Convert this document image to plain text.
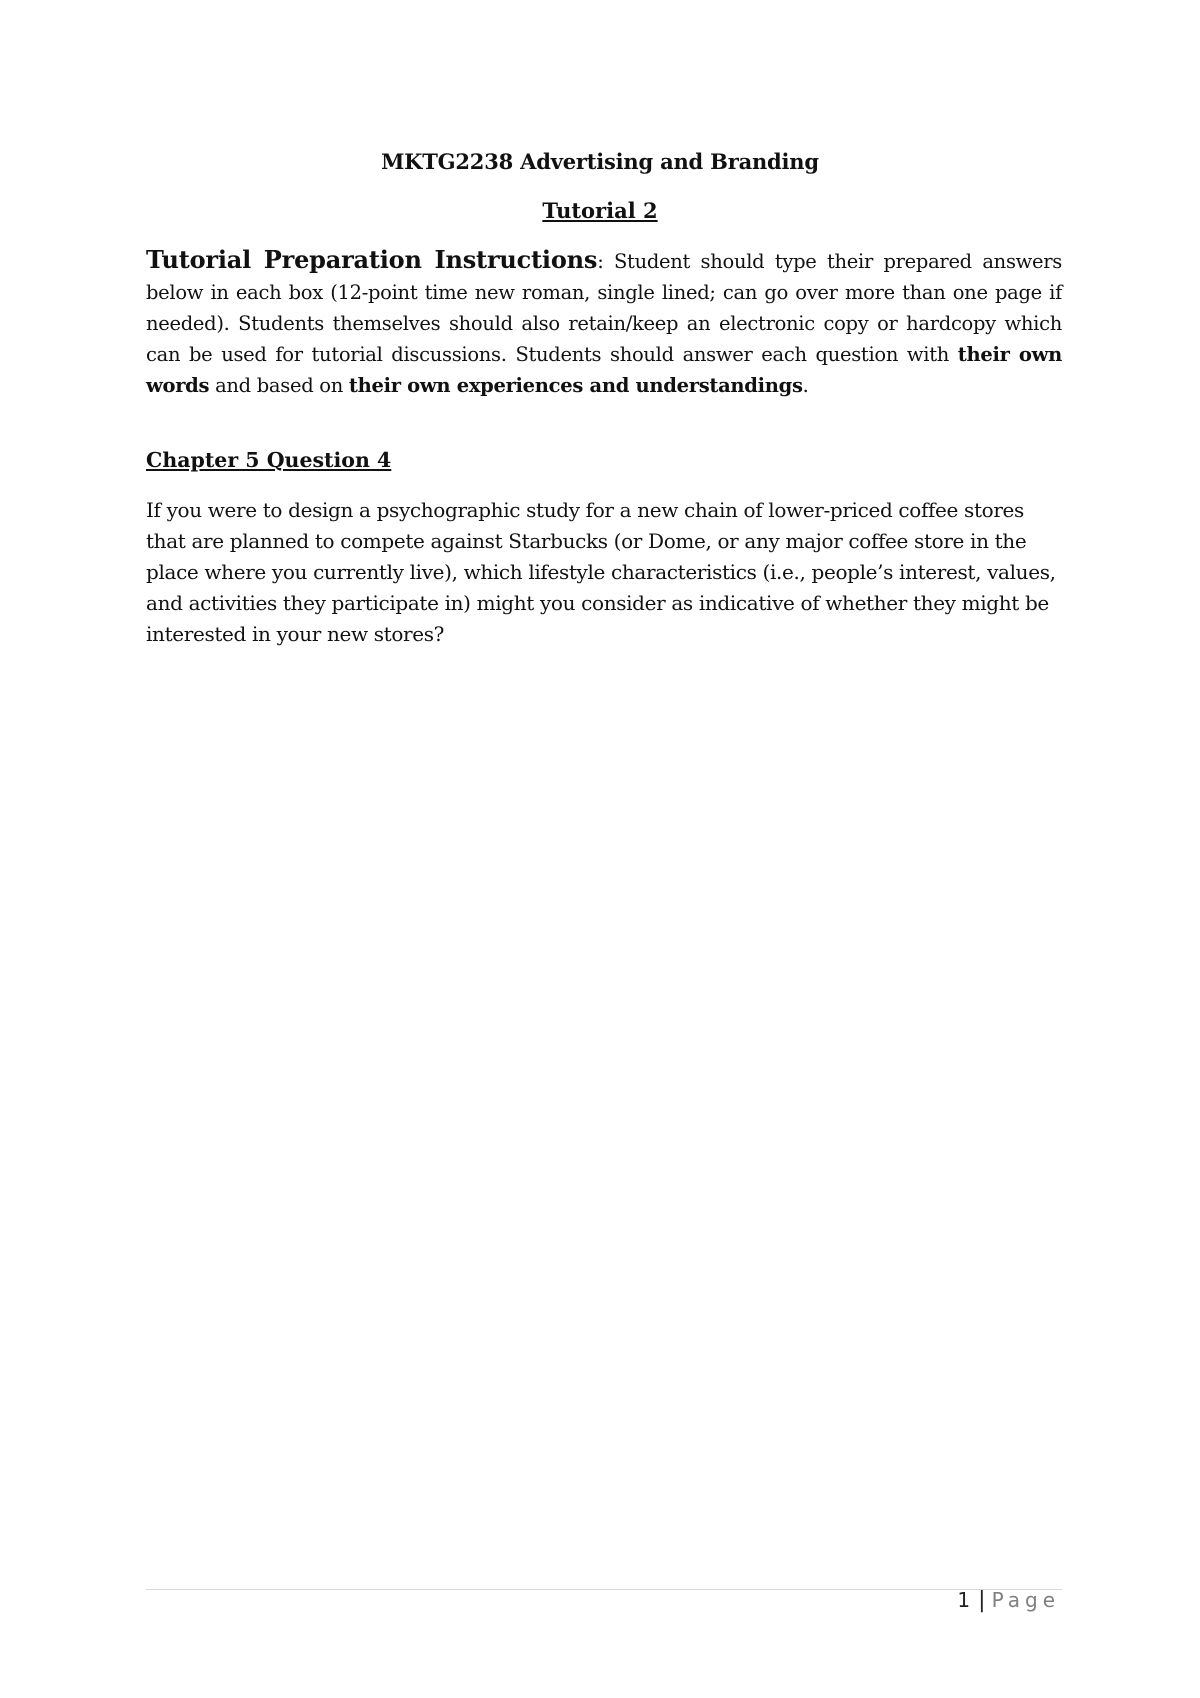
MKTG2238 Advertising and Branding
Tutorial 2
Tutorial Preparation Instructions: Student should type their prepared answers below in each box (12-point time new roman, single lined; can go over more than one page if needed). Students themselves should also retain/keep an electronic copy or hardcopy which can be used for tutorial discussions. Students should answer each question with their own words and based on their own experiences and understandings.
Chapter 5 Question 4
If you were to design a psychographic study for a new chain of lower-priced coffee stores
that are planned to compete against Starbucks (or Dome, or any major coffee store in the
place where you currently live), which lifestyle characteristics (i.e., people’s interest, values,
and activities they participate in) might you consider as indicative of whether they might be
interested in your new stores?
1 | Page
